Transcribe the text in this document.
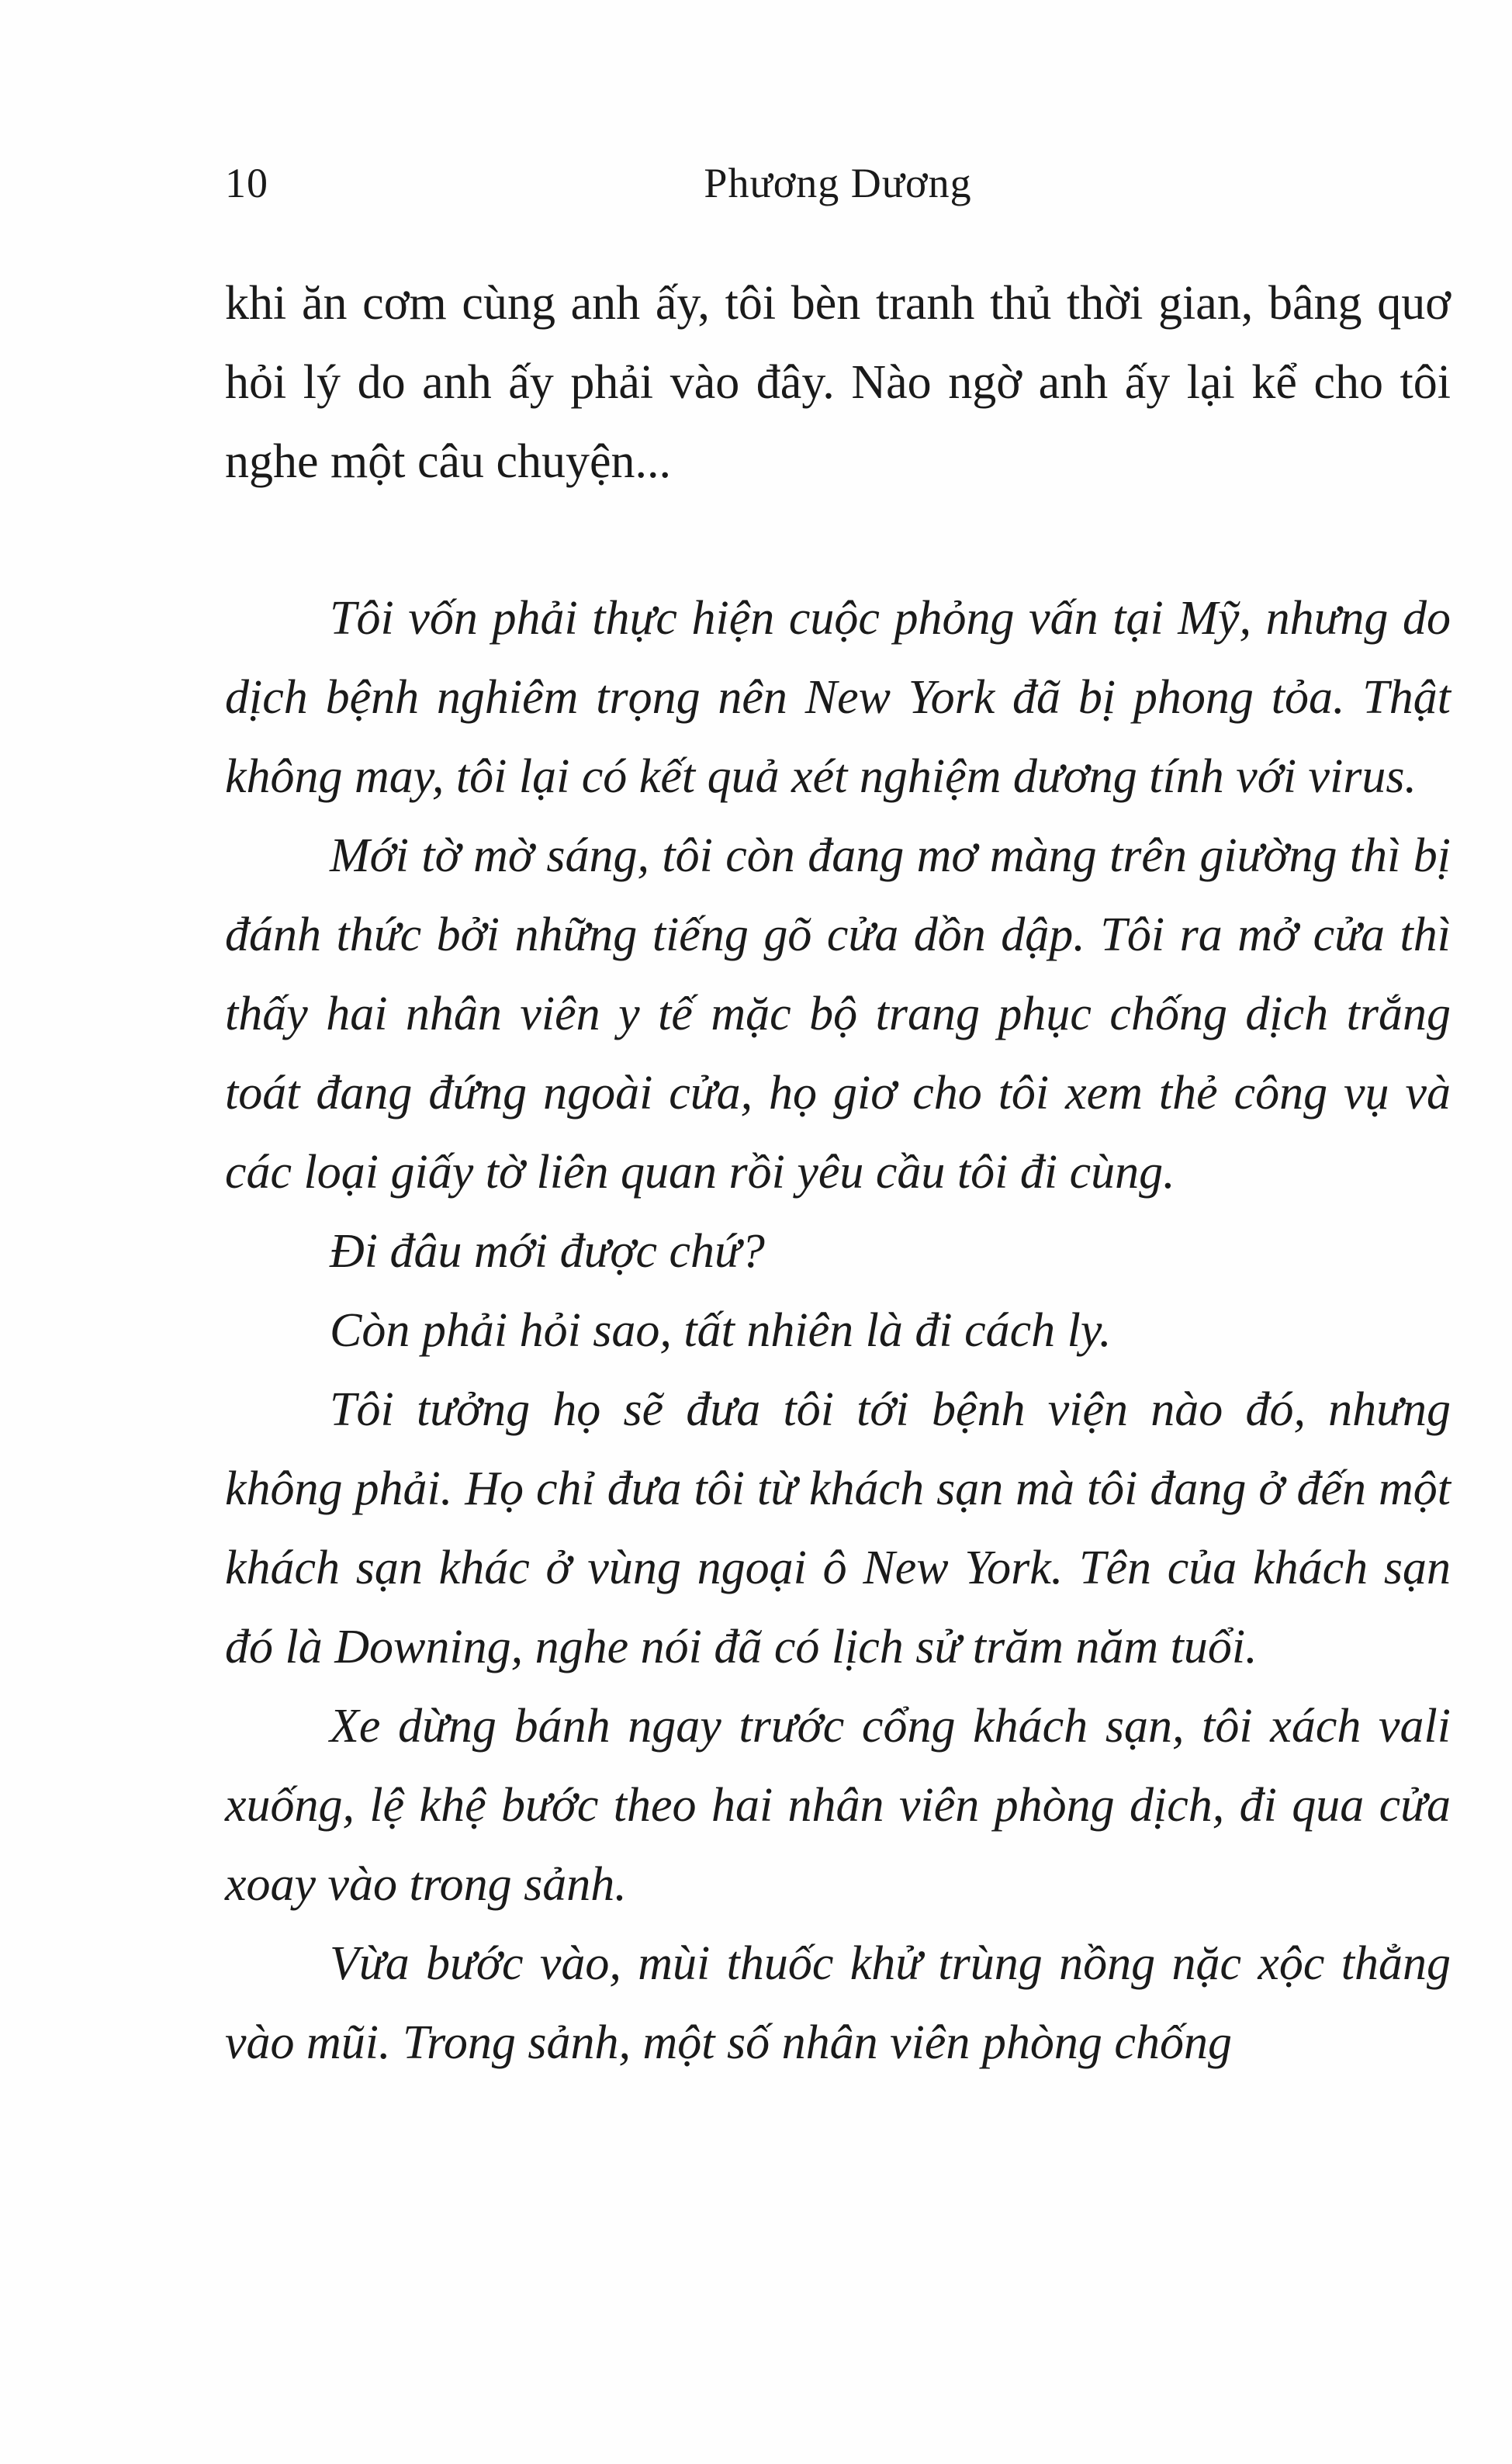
10	Phương Dương

khi ăn cơm cùng anh ấy, tôi bèn tranh thủ thời gian, bâng quơ hỏi lý do anh ấy phải vào đây. Nào ngờ anh ấy lại kể cho tôi nghe một câu chuyện...

Tôi vốn phải thực hiện cuộc phỏng vấn tại Mỹ, nhưng do dịch bệnh nghiêm trọng nên New York đã bị phong tỏa. Thật không may, tôi lại có kết quả xét nghiệm dương tính với virus.

Mới tờ mờ sáng, tôi còn đang mơ màng trên giường thì bị đánh thức bởi những tiếng gõ cửa dồn dập. Tôi ra mở cửa thì thấy hai nhân viên y tế mặc bộ trang phục chống dịch trắng toát đang đứng ngoài cửa, họ giơ cho tôi xem thẻ công vụ và các loại giấy tờ liên quan rồi yêu cầu tôi đi cùng.

Đi đâu mới được chứ?

Còn phải hỏi sao, tất nhiên là đi cách ly.

Tôi tưởng họ sẽ đưa tôi tới bệnh viện nào đó, nhưng không phải. Họ chỉ đưa tôi từ khách sạn mà tôi đang ở đến một khách sạn khác ở vùng ngoại ô New York. Tên của khách sạn đó là Downing, nghe nói đã có lịch sử trăm năm tuổi.

Xe dừng bánh ngay trước cổng khách sạn, tôi xách vali xuống, lệ khệ bước theo hai nhân viên phòng dịch, đi qua cửa xoay vào trong sảnh.

Vừa bước vào, mùi thuốc khử trùng nồng nặc xộc thẳng vào mũi. Trong sảnh, một số nhân viên phòng chống
